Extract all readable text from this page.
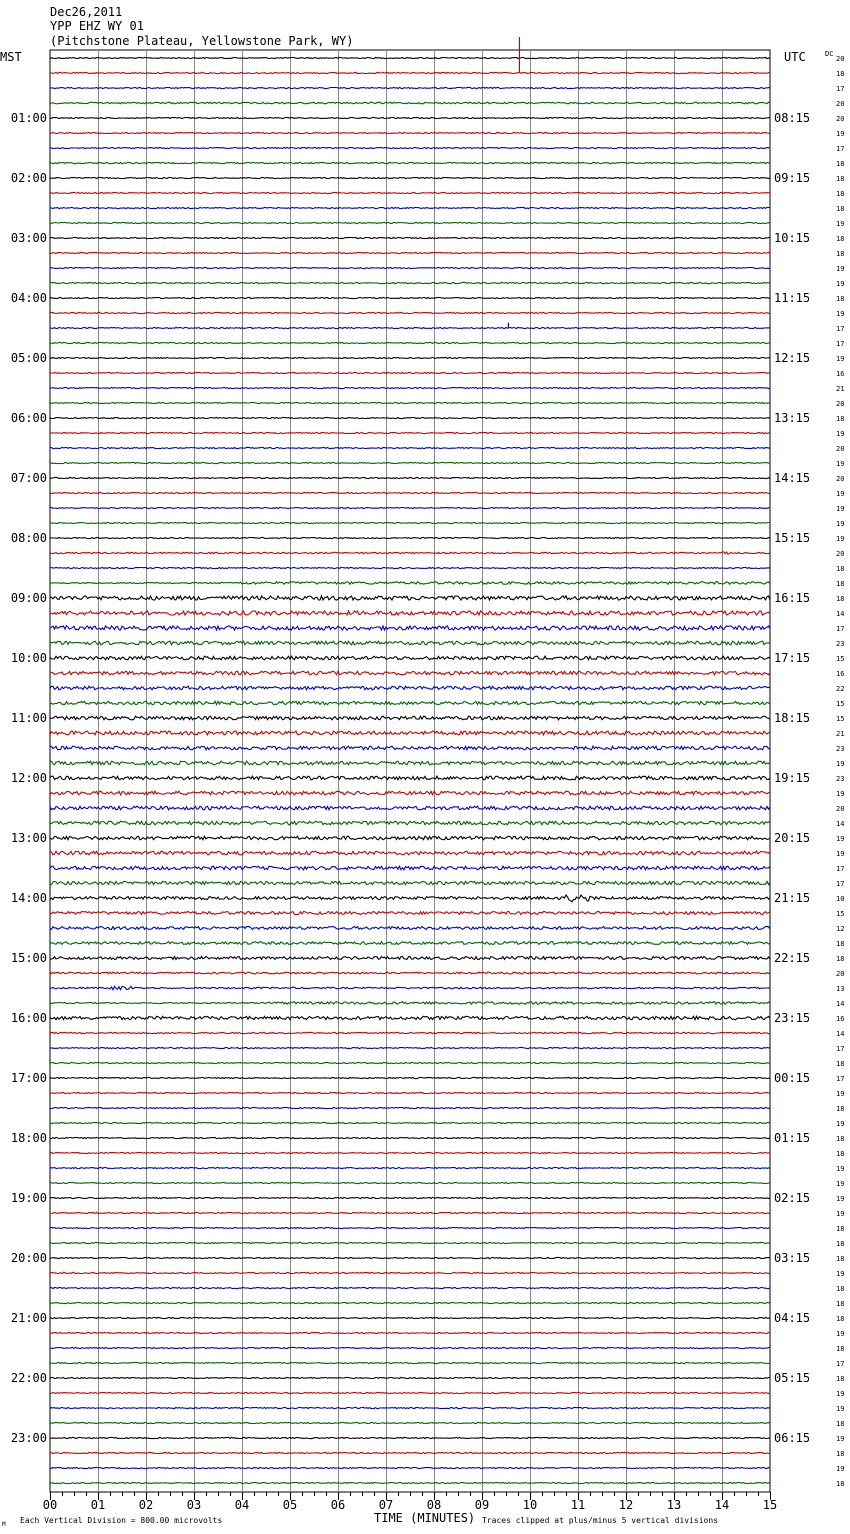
Dec26,2011
YPP EHZ WY 01
(Pitchstone Plateau, Yellowstone Park, WY)
MST	UTC	DC
01:00
02:00
03:00
04:00
05:00
06:00
07:00
08:00
09:00
10:00
11:00
12:00
13:00
14:00
15:00
16:00
17:00
18:00
19:00
20:00
21:00
22:00
23:00
08:15
09:15
10:15
11:15
12:15
13:15
14:15
15:15
16:15
17:15
18:15
19:15
20:15
21:15
22:15
23:15
00:15
01:15
02:15
03:15
04:15
05:15
06:15
20
18
17
20
20
19
17
18
18
18
18
19
18
18
19
19
18
19
17
17
19
16
21
20
18
19
20
19
20
19
19
19
19
20
18
18
18
14
17
23
15
16
22
15
15
21
23
19
23
19
20
14
19
19
17
17
10
15
12
18
18
20
13
14
16
14
17
18
17
19
18
19
18
18
19
19
19
19
18
18
18
19
18
18
18
19
18
17
18
19
19
18
19
18
19
18
00	01	02	03	04	05	06	07	08	09	10	11	12	13	14	15
TIME (MINUTES)
Each Vertical Division = 800.00 microvolts	Traces clipped at plus/minus 5 vertical divisions
M
